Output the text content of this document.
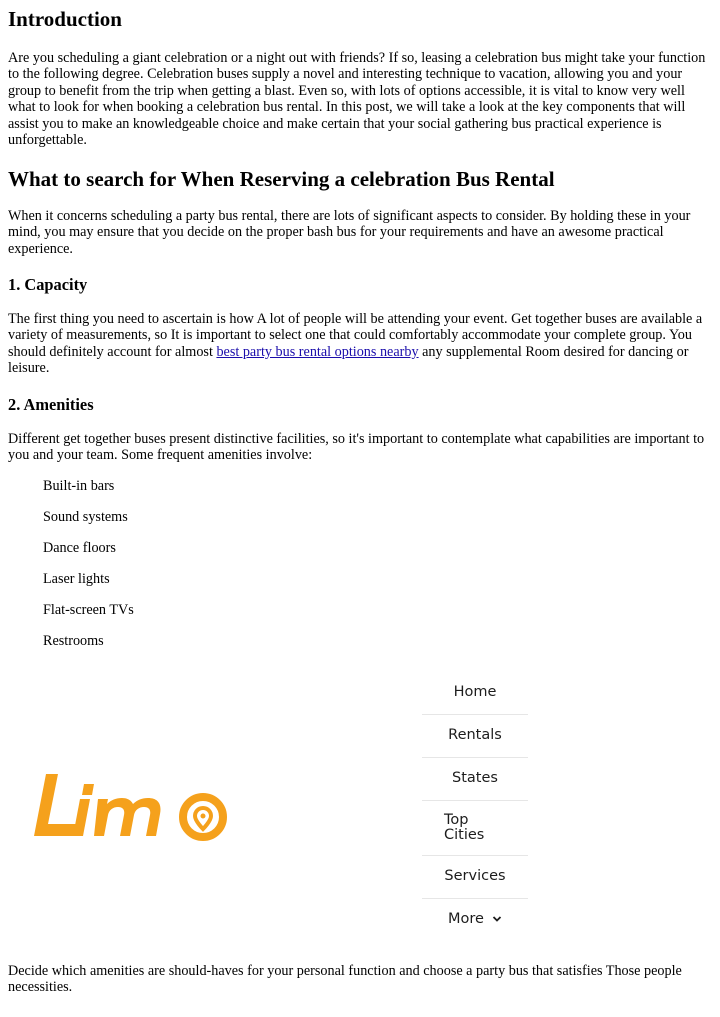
Introduction

Are you scheduling a giant celebration or a night out with friends? If so, leasing a celebration bus might take your function to the following degree. Celebration buses supply a novel and interesting technique to vacation, allowing you and your group to benefit from the trip when getting a blast. Even so, with lots of options accessible, it is vital to know very well what to look for when booking a celebration bus rental. In this post, we will take a look at the key components that will assist you to make an knowledgeable choice and make certain that your social gathering bus practical experience is unforgettable.

What to search for When Reserving a celebration Bus Rental

When it concerns scheduling a party bus rental, there are lots of significant aspects to consider. By holding these in your mind, you may ensure that you decide on the proper bash bus for your requirements and have an awesome practical experience.

1. Capacity

The first thing you need to ascertain is how A lot of people will be attending your event. Get together buses are available a variety of measurements, so It is important to select one that could comfortably accommodate your complete group. You should definitely account for almost best party bus rental options nearby any supplemental Room desired for dancing or leisure.

2. Amenities

Different get together buses present distinctive facilities, so it's important to contemplate what capabilities are important to you and your team. Some frequent amenities involve:

Built-in bars
Sound systems
Dance floors
Laser lights
Flat-screen TVs
Restrooms
Limo
Home
Rentals
States
Top
Cities
Services
More

Decide which amenities are should-haves for your personal function and choose a party bus that satisfies Those people necessities.
